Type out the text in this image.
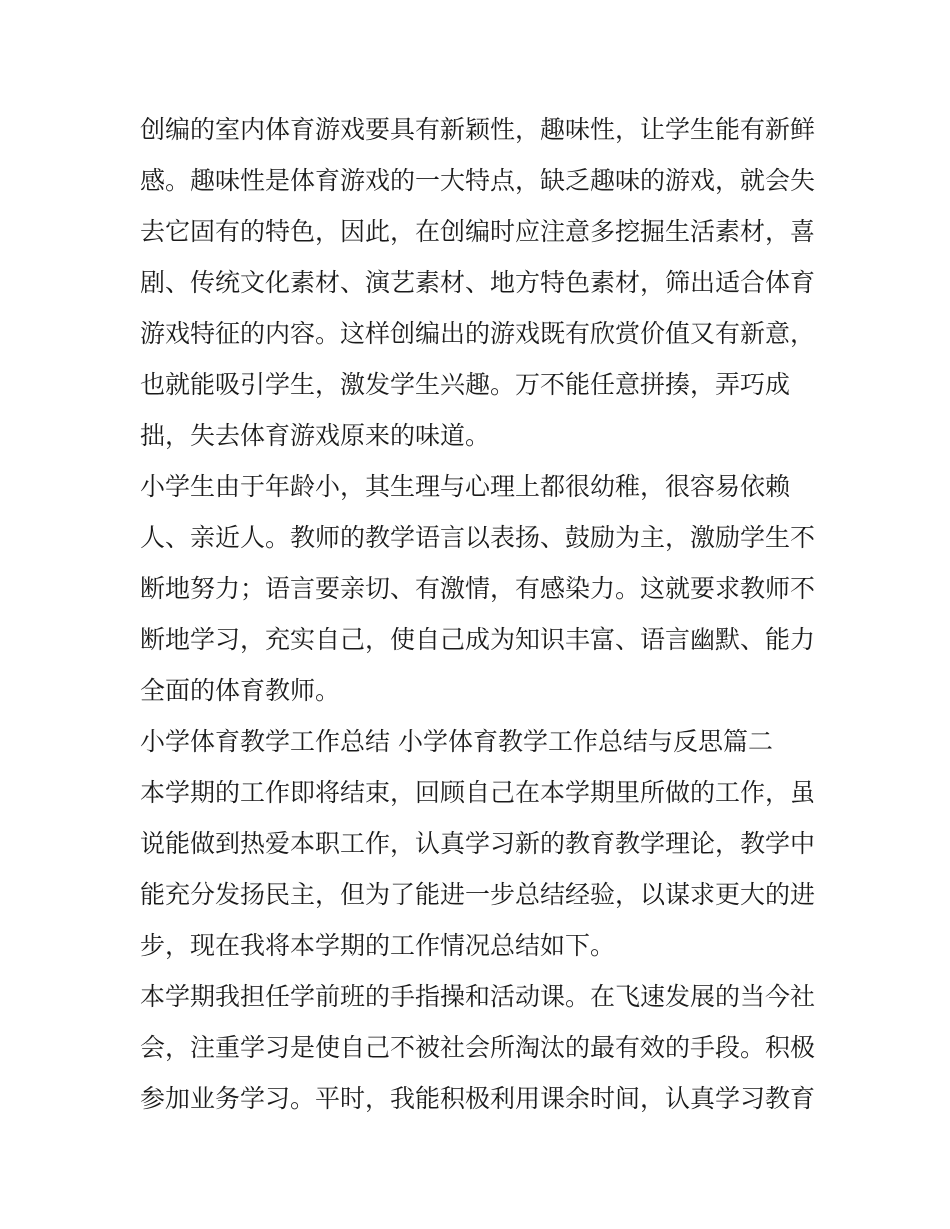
创编的室内体育游戏要具有新颖性，趣味性，让学生能有新鲜
感。趣味性是体育游戏的一大特点，缺乏趣味的游戏，就会失
去它固有的特色，因此，在创编时应注意多挖掘生活素材，喜
剧、传统文化素材、演艺素材、地方特色素材，筛出适合体育
游戏特征的内容。这样创编出的游戏既有欣赏价值又有新意，
也就能吸引学生，激发学生兴趣。万不能任意拼揍，弄巧成
拙，失去体育游戏原来的味道。
小学生由于年龄小，其生理与心理上都很幼稚，很容易依赖
人、亲近人。教师的教学语言以表扬、鼓励为主，激励学生不
断地努力；语言要亲切、有激情，有感染力。这就要求教师不
断地学习，充实自己，使自己成为知识丰富、语言幽默、能力
全面的体育教师。
小学体育教学工作总结 小学体育教学工作总结与反思篇二
本学期的工作即将结束，回顾自己在本学期里所做的工作，虽
说能做到热爱本职工作，认真学习新的教育教学理论，教学中
能充分发扬民主，但为了能进一步总结经验，以谋求更大的进
步，现在我将本学期的工作情况总结如下。
本学期我担任学前班的手指操和活动课。在飞速发展的当今社
会，注重学习是使自己不被社会所淘汰的最有效的手段。积极
参加业务学习。平时，我能积极利用课余时间，认真学习教育
